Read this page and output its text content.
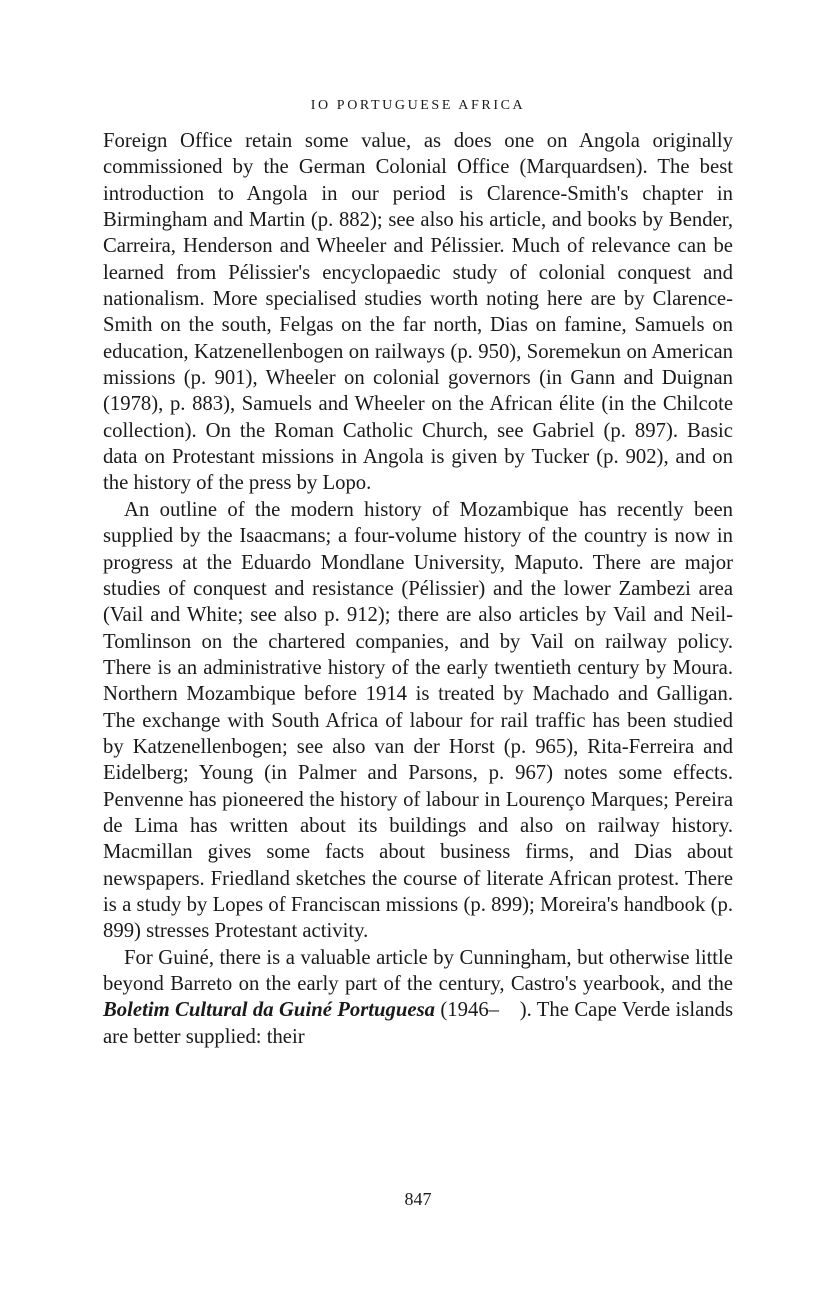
IO PORTUGUESE AFRICA

Foreign Office retain some value, as does one on Angola originally commissioned by the German Colonial Office (Marquardsen). The best introduction to Angola in our period is Clarence-Smith's chapter in Birmingham and Martin (p. 882); see also his article, and books by Bender, Carreira, Henderson and Wheeler and Pélissier. Much of relevance can be learned from Pélissier's encyclopaedic study of colonial conquest and nationalism. More specialised studies worth noting here are by Clarence-Smith on the south, Felgas on the far north, Dias on famine, Samuels on education, Katzenellenbogen on railways (p. 950), Soremekun on American missions (p. 901), Wheeler on colonial governors (in Gann and Duignan (1978), p. 883), Samuels and Wheeler on the African élite (in the Chilcote collection). On the Roman Catholic Church, see Gabriel (p. 897). Basic data on Protestant missions in Angola is given by Tucker (p. 902), and on the history of the press by Lopo.

An outline of the modern history of Mozambique has recently been supplied by the Isaacmans; a four-volume history of the country is now in progress at the Eduardo Mondlane University, Maputo. There are major studies of conquest and resistance (Pélissier) and the lower Zambezi area (Vail and White; see also p. 912); there are also articles by Vail and Neil-Tomlinson on the chartered companies, and by Vail on railway policy. There is an administrative history of the early twentieth century by Moura. Northern Mozambique before 1914 is treated by Machado and Galligan. The exchange with South Africa of labour for rail traffic has been studied by Katzenellenbogen; see also van der Horst (p. 965), Rita-Ferreira and Eidelberg; Young (in Palmer and Parsons, p. 967) notes some effects. Penvenne has pioneered the history of labour in Lourenço Marques; Pereira de Lima has written about its buildings and also on railway history. Macmillan gives some facts about business firms, and Dias about newspapers. Friedland sketches the course of literate African protest. There is a study by Lopes of Franciscan missions (p. 899); Moreira's handbook (p. 899) stresses Protestant activity.

For Guiné, there is a valuable article by Cunningham, but otherwise little beyond Barreto on the early part of the century, Castro's yearbook, and the Boletim Cultural da Guiné Portuguesa (1946– ). The Cape Verde islands are better supplied: their

847
